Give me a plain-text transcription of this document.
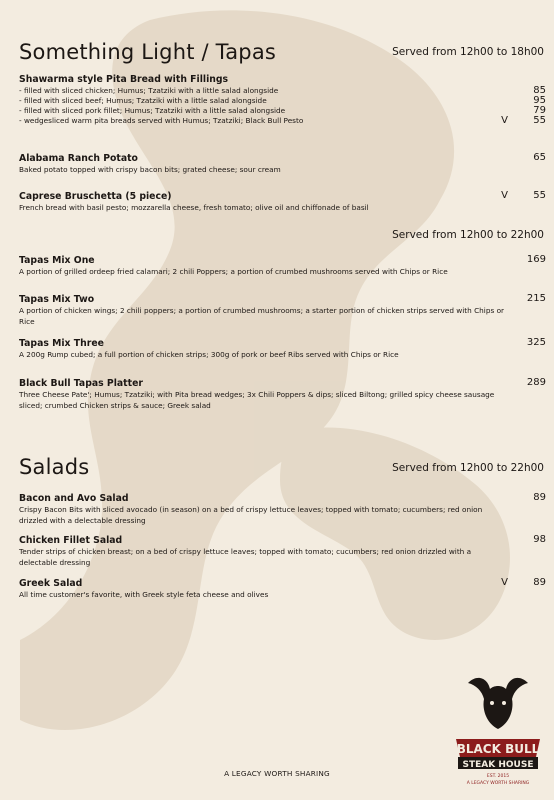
Something Light / Tapas	Served from 12h00 to 18h00
Shawarma style Pita Bread with Fillings
- filled with sliced chicken; Humus; Tzatziki with a little salad alongside	85
- filled with sliced beef; Humus; Tzatziki with a little salad alongside	95
- filled with sliced pork fillet; Humus; Tzatziki with a little salad alongside	79
- wedgesliced warm pita breads served with Humus; Tzatziki; Black Bull Pesto	V	55
Alabama Ranch Potato
Baked potato topped with crispy bacon bits; grated cheese; sour cream
65
Caprese Bruschetta (5 piece)
French bread with basil pesto; mozzarella cheese, fresh tomato; olive oil and chiffonade of basil
V	55
Served from 12h00 to 22h00
Tapas Mix One
A portion of grilled ordeep fried calamari; 2 chili Poppers; a portion of crumbed mushrooms served with Chips or Rice
169
Tapas Mix Two
A portion of chicken wings; 2 chili poppers; a portion of crumbed mushrooms; a starter portion of chicken strips served with Chips or Rice
215
Tapas Mix Three
A 200g Rump cubed; a full portion of chicken strips; 300g of pork or beef Ribs served with Chips or Rice
325
Black Bull Tapas Platter
Three Cheese Pate'; Humus; Tzatziki; with Pita bread wedges; 3x Chili Poppers & dips; sliced Biltong; grilled spicy cheese sausage sliced; crumbed Chicken strips & sauce; Greek salad
289
Salads	Served from 12h00 to 22h00
Bacon and Avo Salad
Crispy Bacon Bits with sliced avocado (in season) on a bed of crispy lettuce leaves; topped with tomato; cucumbers; red onion drizzled with a delectable dressing
89
Chicken Fillet Salad
Tender strips of chicken breast; on a bed of crispy lettuce leaves; topped with tomato; cucumbers; red onion drizzled with a delectable dressing
98
Greek Salad
All time customer's favorite, with Greek style feta cheese and olives
V	89
BLACK BULL
STEAK HOUSE
EST. 2015
A LEGACY WORTH SHARING
A LEGACY WORTH SHARING
